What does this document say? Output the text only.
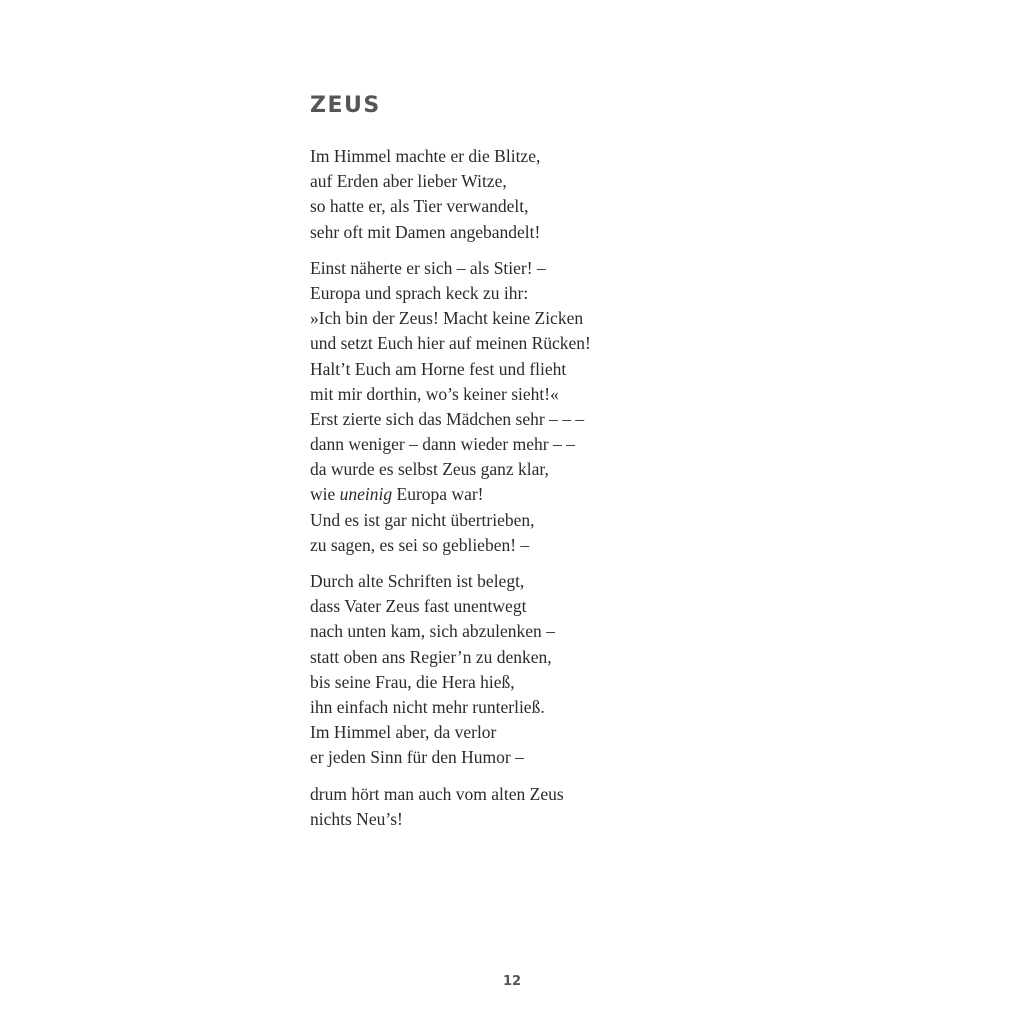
ZEUS
Im Himmel machte er die Blitze,
auf Erden aber lieber Witze,
so hatte er, als Tier verwandelt,
sehr oft mit Damen angebandelt!
Einst näherte er sich – als Stier! –
Europa und sprach keck zu ihr:
»Ich bin der Zeus! Macht keine Zicken
und setzt Euch hier auf meinen Rücken!
Halt’t Euch am Horne fest und flieht
mit mir dorthin, wo’s keiner sieht!«
Erst zierte sich das Mädchen sehr – – –
dann weniger – dann wieder mehr – –
da wurde es selbst Zeus ganz klar,
wie uneinig Europa war!
Und es ist gar nicht übertrieben,
zu sagen, es sei so geblieben! –
Durch alte Schriften ist belegt,
dass Vater Zeus fast unentwegt
nach unten kam, sich abzulenken –
statt oben ans Regier’n zu denken,
bis seine Frau, die Hera hieß,
ihn einfach nicht mehr runterließ.
Im Himmel aber, da verlor
er jeden Sinn für den Humor –
drum hört man auch vom alten Zeus
nichts Neu’s!
12
